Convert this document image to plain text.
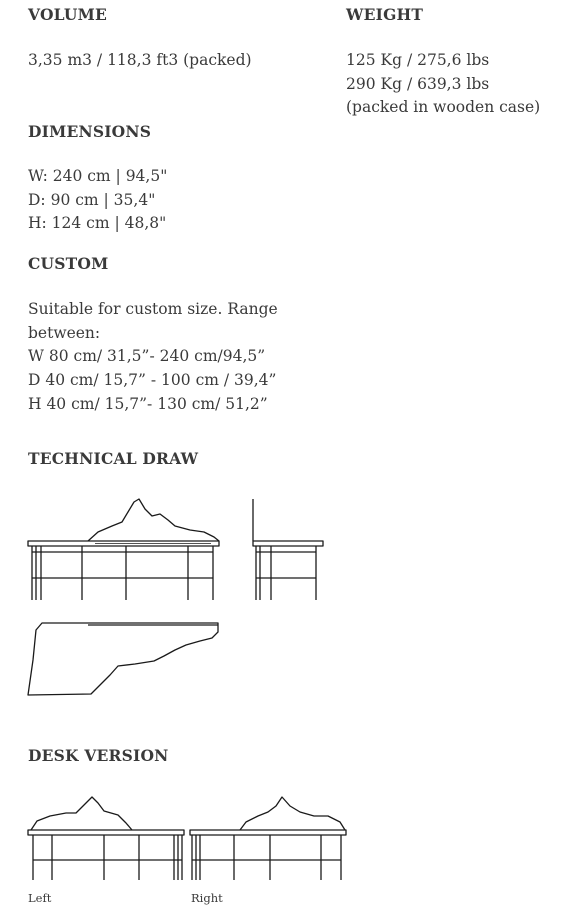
VOLUME
3,35 m3 / 118,3 ft3 (packed)
WEIGHT
125 Kg / 275,6 lbs
290 Kg / 639,3 lbs
(packed in wooden case)
DIMENSIONS
W: 240 cm | 94,5"
D: 90 cm | 35,4"
H: 124 cm | 48,8"
CUSTOM
Suitable for custom size. Range
between:
W 80 cm/ 31,5”- 240 cm/94,5”
D 40 cm/ 15,7” - 100 cm / 39,4”
H 40 cm/ 15,7”- 130 cm/ 51,2”
TECHNICAL DRAW
DESK VERSION
Left	Right
